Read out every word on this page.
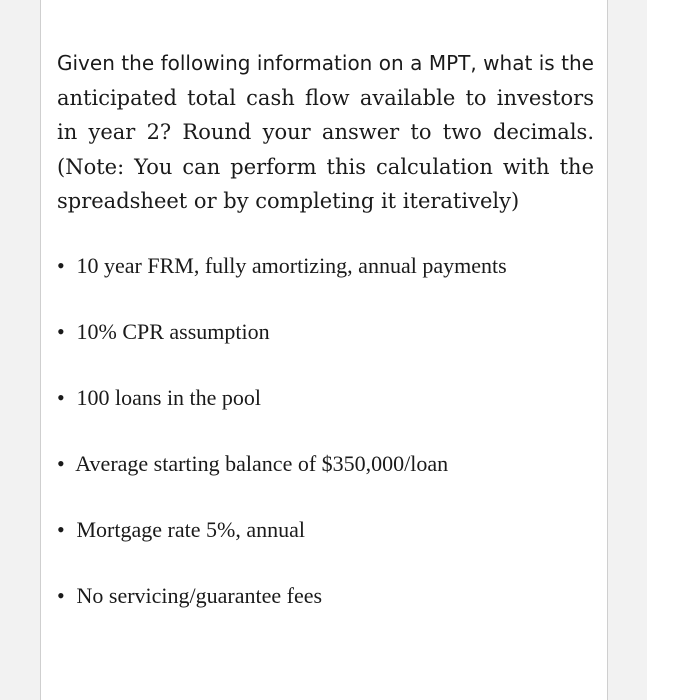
Given the following information on a MPT, what is the anticipated total cash flow available to investors in year 2? Round your answer to two decimals. (Note: You can perform this calculation with the spreadsheet or by completing it iteratively)

• 10 year FRM, fully amortizing, annual payments
• 10% CPR assumption
• 100 loans in the pool
• Average starting balance of $350,000/loan
• Mortgage rate 5%, annual
• No servicing/guarantee fees
